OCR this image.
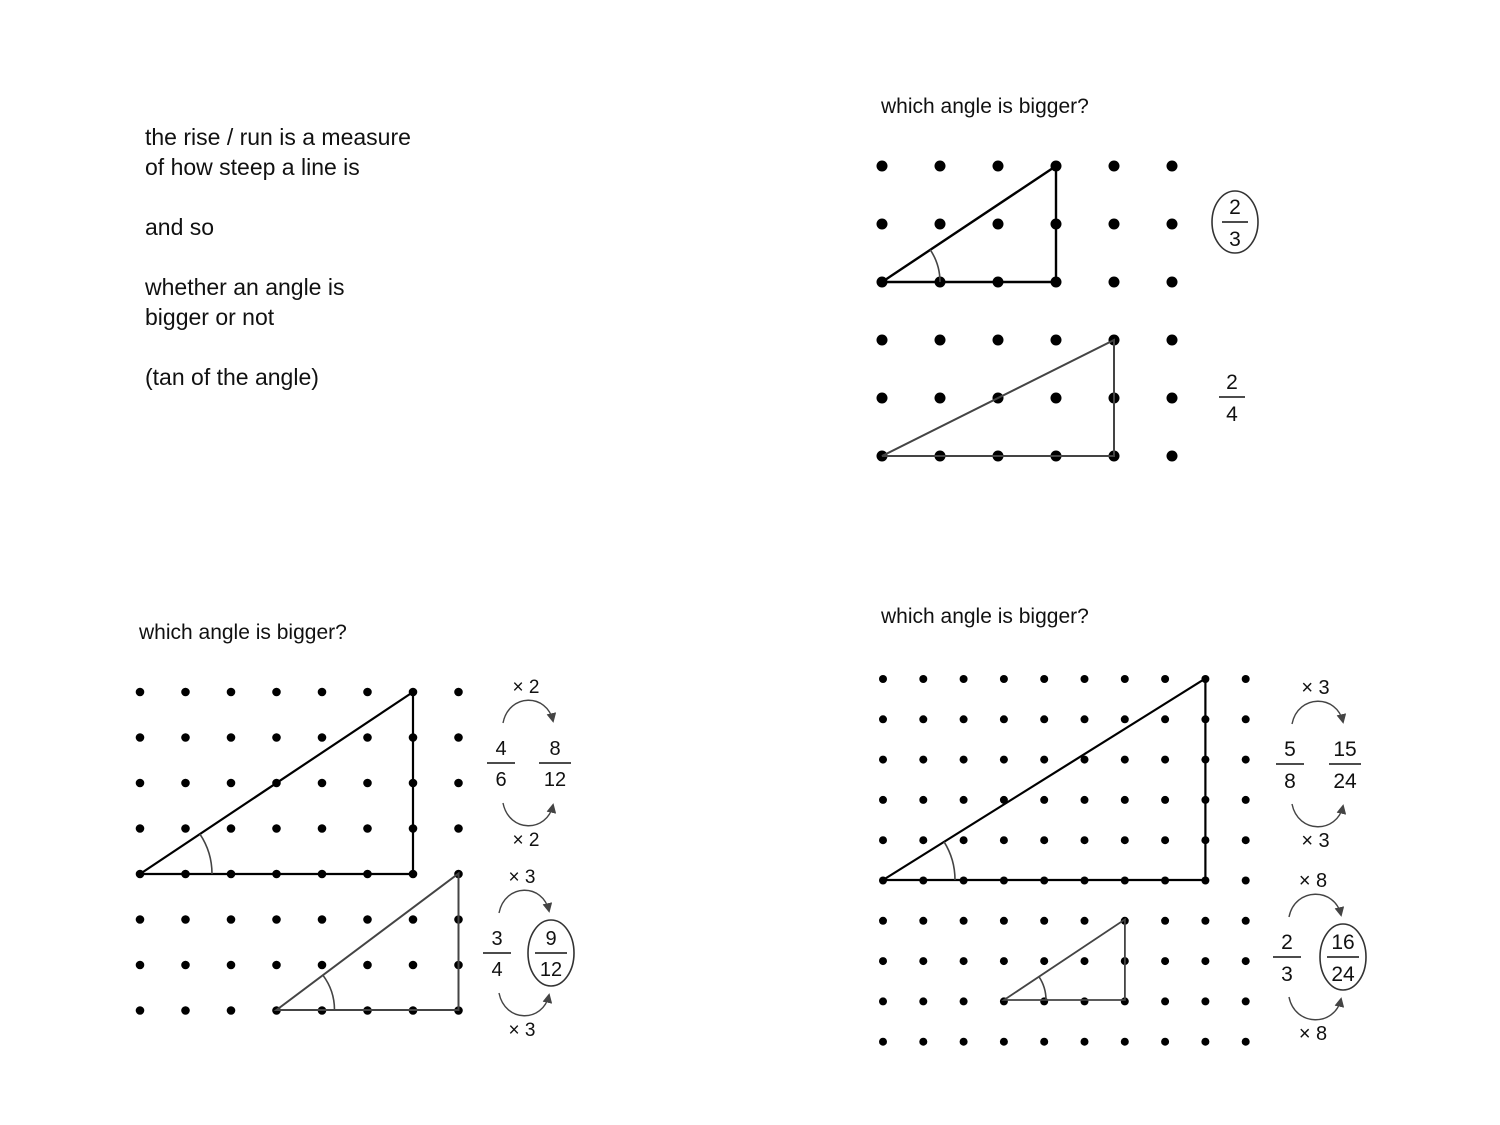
the rise / run is a measure
of how steep a line is
and so
whether an angle is
bigger or not
(tan of the angle)
which angle is bigger?
which angle is bigger?
which angle is bigger?
2
3
2
4
4
6
8
12
× 2
× 2
3
4
9
12
× 3
× 3
5
8
15
24
× 3
× 3
2
3
16
24
× 8
× 8
